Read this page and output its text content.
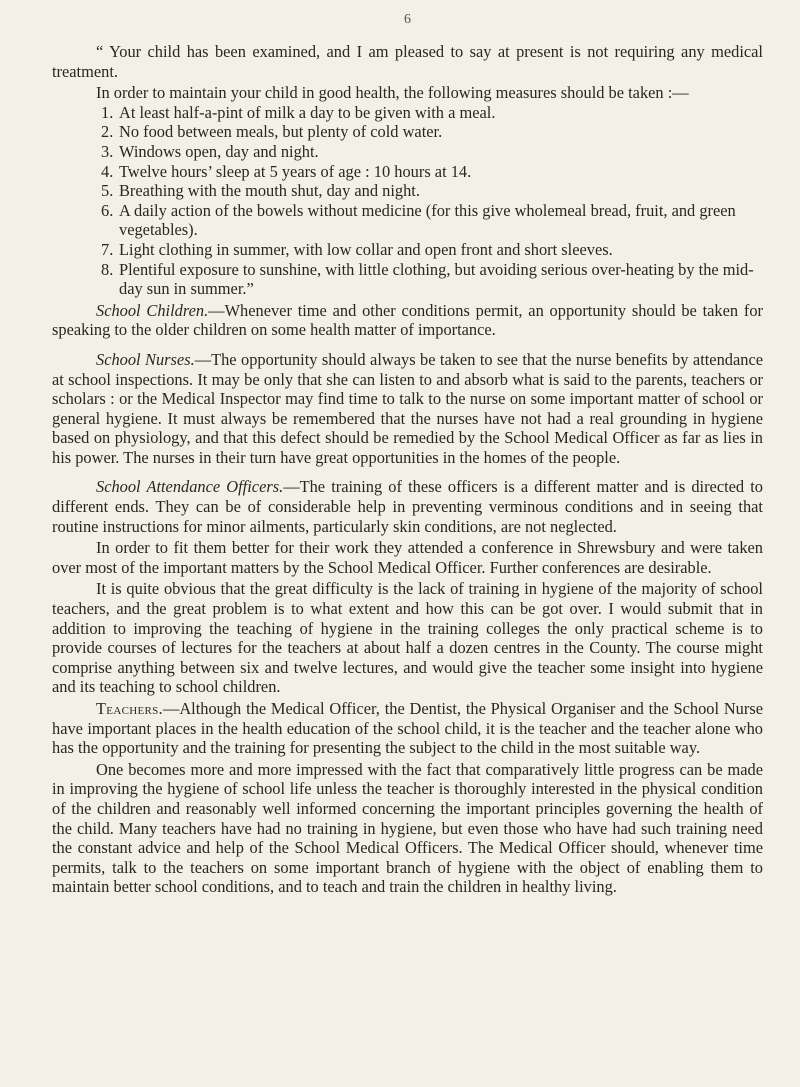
6

“ Your child has been examined, and I am pleased to say at present is not requiring any medical treatment.

In order to maintain your child in good health, the following measures should be taken :—

1. At least half-a-pint of milk a day to be given with a meal.
2. No food between meals, but plenty of cold water.
3. Windows open, day and night.
4. Twelve hours’ sleep at 5 years of age : 10 hours at 14.
5. Breathing with the mouth shut, day and night.
6. A daily action of the bowels without medicine (for this give wholemeal bread, fruit, and green vegetables).
7. Light clothing in summer, with low collar and open front and short sleeves.
8. Plentiful exposure to sunshine, with little clothing, but avoiding serious over-heating by the mid-day sun in summer.”

School Children.—Whenever time and other conditions permit, an opportunity should be taken for speaking to the older children on some health matter of importance.

School Nurses.—The opportunity should always be taken to see that the nurse benefits by attendance at school inspections. It may be only that she can listen to and absorb what is said to the parents, teachers or scholars : or the Medical Inspector may find time to talk to the nurse on some important matter of school or general hygiene. It must always be remembered that the nurses have not had a real grounding in hygiene based on physiology, and that this defect should be remedied by the School Medical Officer as far as lies in his power. The nurses in their turn have great opportunities in the homes of the people.

School Attendance Officers.—The training of these officers is a different matter and is directed to different ends. They can be of considerable help in preventing verminous conditions and in seeing that routine instructions for minor ailments, particularly skin conditions, are not neglected.

In order to fit them better for their work they attended a conference in Shrewsbury and were taken over most of the important matters by the School Medical Officer. Further conferences are desirable.

It is quite obvious that the great difficulty is the lack of training in hygiene of the majority of school teachers, and the great problem is to what extent and how this can be got over. I would submit that in addition to improving the teaching of hygiene in the training colleges the only practical scheme is to provide courses of lectures for the teachers at about half a dozen centres in the County. The course might comprise anything between six and twelve lectures, and would give the teacher some insight into hygiene and its teaching to school children.

Teachers.—Although the Medical Officer, the Dentist, the Physical Organiser and the School Nurse have important places in the health education of the school child, it is the teacher and the teacher alone who has the opportunity and the training for presenting the subject to the child in the most suitable way.

One becomes more and more impressed with the fact that comparatively little progress can be made in improving the hygiene of school life unless the teacher is thoroughly interested in the physical condition of the children and reasonably well informed concerning the important principles governing the health of the child. Many teachers have had no training in hygiene, but even those who have had such training need the constant advice and help of the School Medical Officers. The Medical Officer should, whenever time permits, talk to the teachers on some important branch of hygiene with the object of enabling them to maintain better school conditions, and to teach and train the children in healthy living.
